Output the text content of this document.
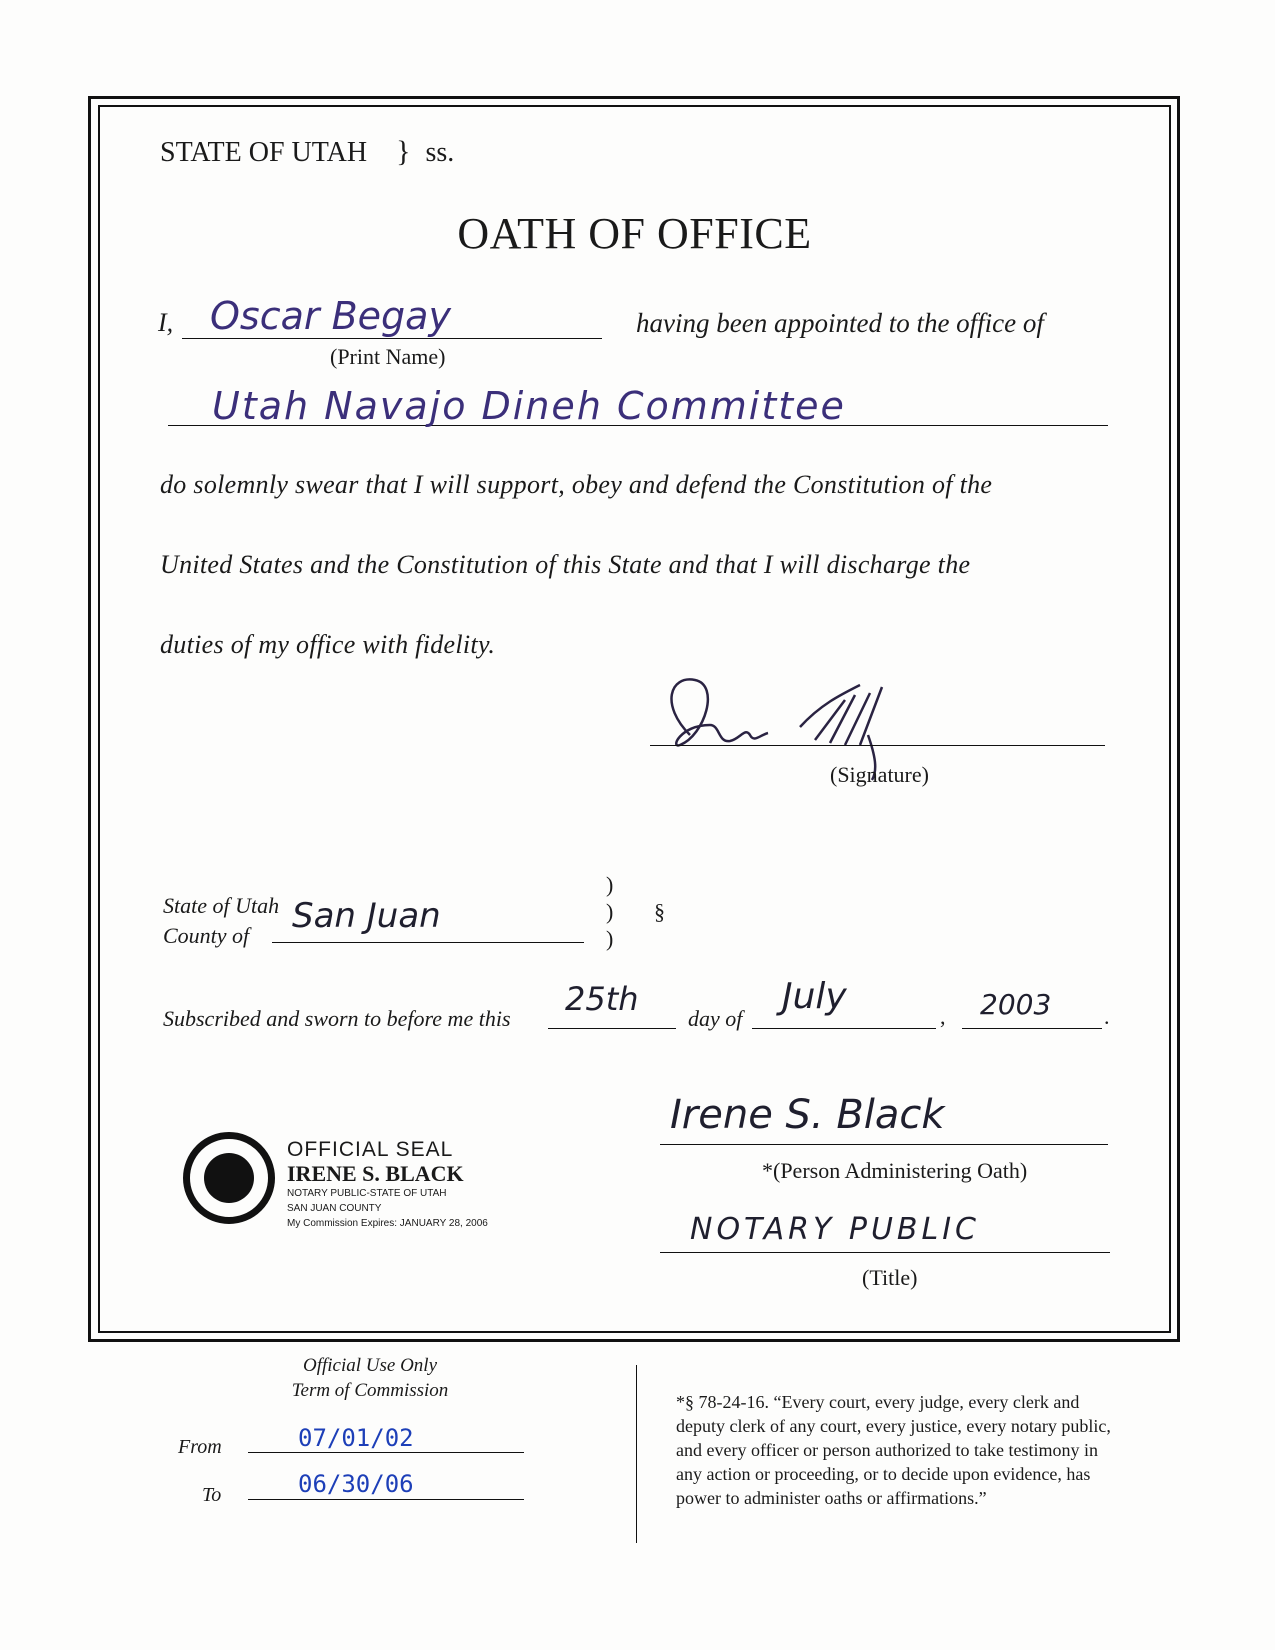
STATE OF UTAH } ss.
OATH OF OFFICE
I, Oscar Begay
(Print Name)
having been appointed to the office of
Utah Navajo Dineh Committee
do solemnly swear that I will support, obey and defend the Constitution of the
United States and the Constitution of this State and that I will discharge the
duties of my office with fidelity.
(Signature)
State of Utah
County of San Juan
)
)
)
§
Subscribed and sworn to before me this
25th
day of
July	, 2003 .
OFFICIAL SEAL
IRENE S. BLACK
NOTARY PUBLIC-STATE OF UTAH
SAN JUAN COUNTY
My Commission Expires: JANUARY 28, 2006
Irene S. Black
*(Person Administering Oath)
NOTARY PUBLIC
(Title)
Official Use Only
Term of Commission
From	07/01/02
To	06/30/06
*§ 78-24-16. “Every court, every judge, every clerk and
deputy clerk of any court, every justice, every notary public,
and every officer or person authorized to take testimony in
any action or proceeding, or to decide upon evidence, has
power to administer oaths or affirmations.”
